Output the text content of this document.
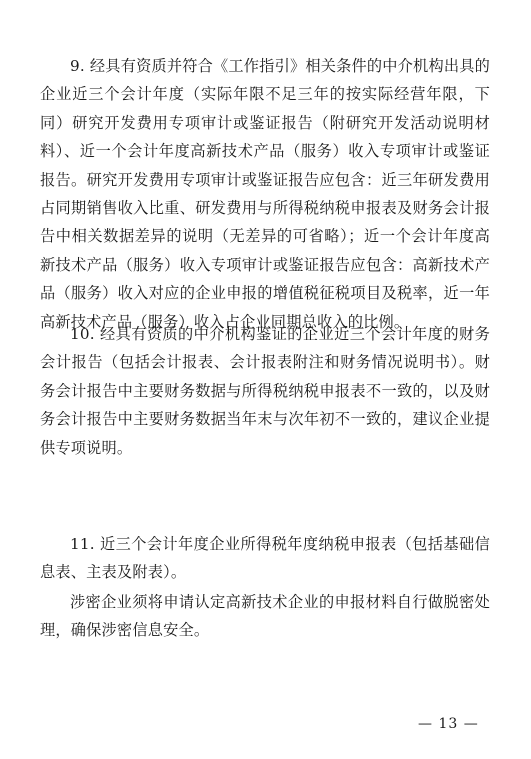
9. 经具有资质并符合《工作指引》相关条件的中介机构出具的企业近三个会计年度（实际年限不足三年的按实际经营年限，下同）研究开发费用专项审计或鉴证报告（附研究开发活动说明材料）、近一个会计年度高新技术产品（服务）收入专项审计或鉴证报告。研究开发费用专项审计或鉴证报告应包含：近三年研发费用占同期销售收入比重、研发费用与所得税纳税申报表及财务会计报告中相关数据差异的说明（无差异的可省略）；近一个会计年度高新技术产品（服务）收入专项审计或鉴证报告应包含：高新技术产品（服务）收入对应的企业申报的增值税征税项目及税率，近一年高新技术产品（服务）收入占企业同期总收入的比例。

10. 经具有资质的中介机构鉴证的企业近三个会计年度的财务会计报告（包括会计报表、会计报表附注和财务情况说明书）。财务会计报告中主要财务数据与所得税纳税申报表不一致的，以及财务会计报告中主要财务数据当年末与次年初不一致的，建议企业提供专项说明。

11. 近三个会计年度企业所得税年度纳税申报表（包括基础信息表、主表及附表）。

涉密企业须将申请认定高新技术企业的申报材料自行做脱密处理，确保涉密信息安全。

— 13 —
